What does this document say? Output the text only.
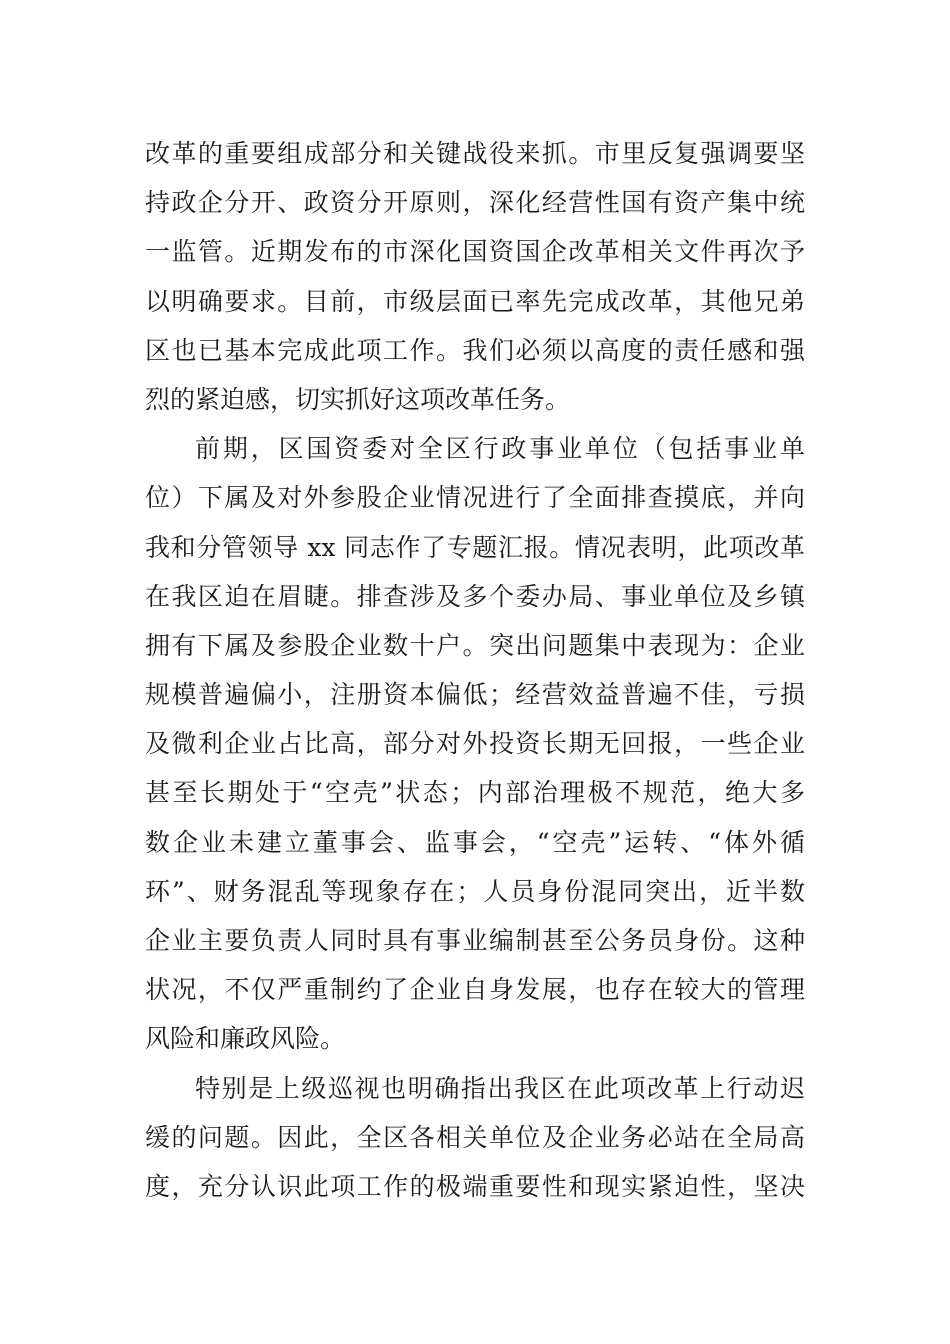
改革的重要组成部分和关键战役来抓。市里反复强调要坚
持政企分开、政资分开原则，深化经营性国有资产集中统
一监管。近期发布的市深化国资国企改革相关文件再次予
以明确要求。目前，市级层面已率先完成改革，其他兄弟
区也已基本完成此项工作。我们必须以高度的责任感和强
烈的紧迫感，切实抓好这项改革任务。
前期，区国资委对全区行政事业单位（包括事业单
位）下属及对外参股企业情况进行了全面排查摸底，并向
我和分管领导 xx 同志作了专题汇报。情况表明，此项改革
在我区迫在眉睫。排查涉及多个委办局、事业单位及乡镇
拥有下属及参股企业数十户。突出问题集中表现为：企业
规模普遍偏小，注册资本偏低；经营效益普遍不佳，亏损
及微利企业占比高，部分对外投资长期无回报，一些企业
甚至长期处于“空壳”状态；内部治理极不规范，绝大多
数企业未建立董事会、监事会，“空壳”运转、“体外循
环”、财务混乱等现象存在；人员身份混同突出，近半数
企业主要负责人同时具有事业编制甚至公务员身份。这种
状况，不仅严重制约了企业自身发展，也存在较大的管理
风险和廉政风险。
特别是上级巡视也明确指出我区在此项改革上行动迟
缓的问题。因此，全区各相关单位及企业务必站在全局高
度，充分认识此项工作的极端重要性和现实紧迫性，坚决
